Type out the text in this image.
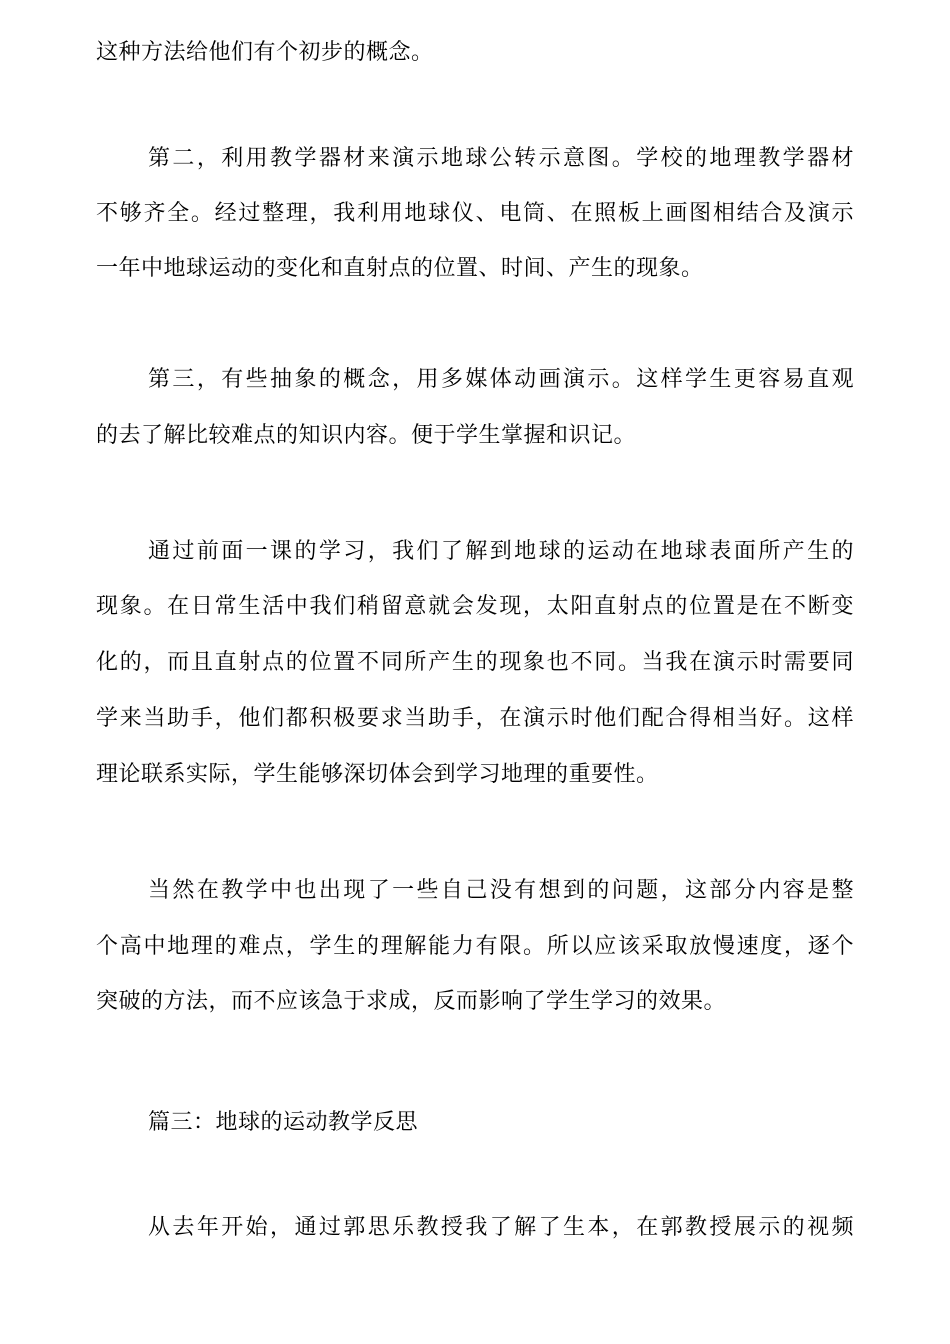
这种方法给他们有个初步的概念。
第二，利用教学器材来演示地球公转示意图。学校的地理教学器材
不够齐全。经过整理，我利用地球仪、电筒、在照板上画图相结合及演示
一年中地球运动的变化和直射点的位置、时间、产生的现象。
第三，有些抽象的概念，用多媒体动画演示。这样学生更容易直观
的去了解比较难点的知识内容。便于学生掌握和识记。
通过前面一课的学习，我们了解到地球的运动在地球表面所产生的
现象。在日常生活中我们稍留意就会发现，太阳直射点的位置是在不断变
化的，而且直射点的位置不同所产生的现象也不同。当我在演示时需要同
学来当助手，他们都积极要求当助手，在演示时他们配合得相当好。这样
理论联系实际，学生能够深切体会到学习地理的重要性。
当然在教学中也出现了一些自己没有想到的问题，这部分内容是整
个高中地理的难点，学生的理解能力有限。所以应该采取放慢速度，逐个
突破的方法，而不应该急于求成，反而影响了学生学习的效果。
篇三：地球的运动教学反思
从去年开始，通过郭思乐教授我了解了生本，在郭教授展示的视频
